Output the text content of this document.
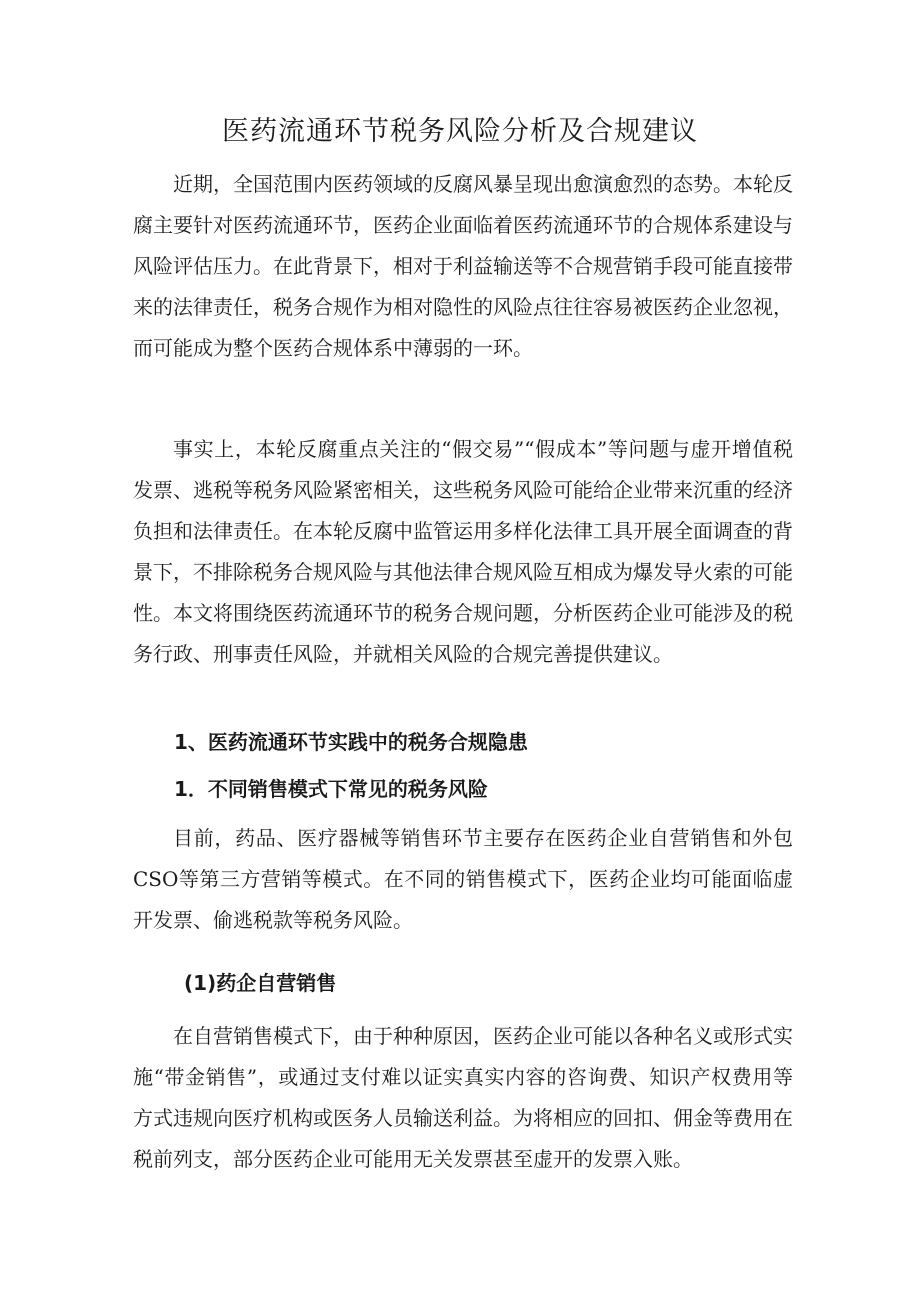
医药流通环节税务风险分析及合规建议

近期，全国范围内医药领域的反腐风暴呈现出愈演愈烈的态势。本轮反腐主要针对医药流通环节，医药企业面临着医药流通环节的合规体系建设与风险评估压力。在此背景下，相对于利益输送等不合规营销手段可能直接带来的法律责任，税务合规作为相对隐性的风险点往往容易被医药企业忽视，而可能成为整个医药合规体系中薄弱的一环。

事实上，本轮反腐重点关注的“假交易”“假成本”等问题与虚开增值税发票、逃税等税务风险紧密相关，这些税务风险可能给企业带来沉重的经济负担和法律责任。在本轮反腐中监管运用多样化法律工具开展全面调查的背景下，不排除税务合规风险与其他法律合规风险互相成为爆发导火索的可能性。本文将围绕医药流通环节的税务合规问题，分析医药企业可能涉及的税务行政、刑事责任风险，并就相关风险的合规完善提供建议。

1、医药流通环节实践中的税务合规隐患
1．不同销售模式下常见的税务风险

目前，药品、医疗器械等销售环节主要存在医药企业自营销售和外包CSO等第三方营销等模式。在不同的销售模式下，医药企业均可能面临虚开发票、偷逃税款等税务风险。

(1)药企自营销售

在自营销售模式下，由于种种原因，医药企业可能以各种名义或形式实施“带金销售”，或通过支付难以证实真实内容的咨询费、知识产权费用等方式违规向医疗机构或医务人员输送利益。为将相应的回扣、佣金等费用在税前列支，部分医药企业可能用无关发票甚至虚开的发票入账。
